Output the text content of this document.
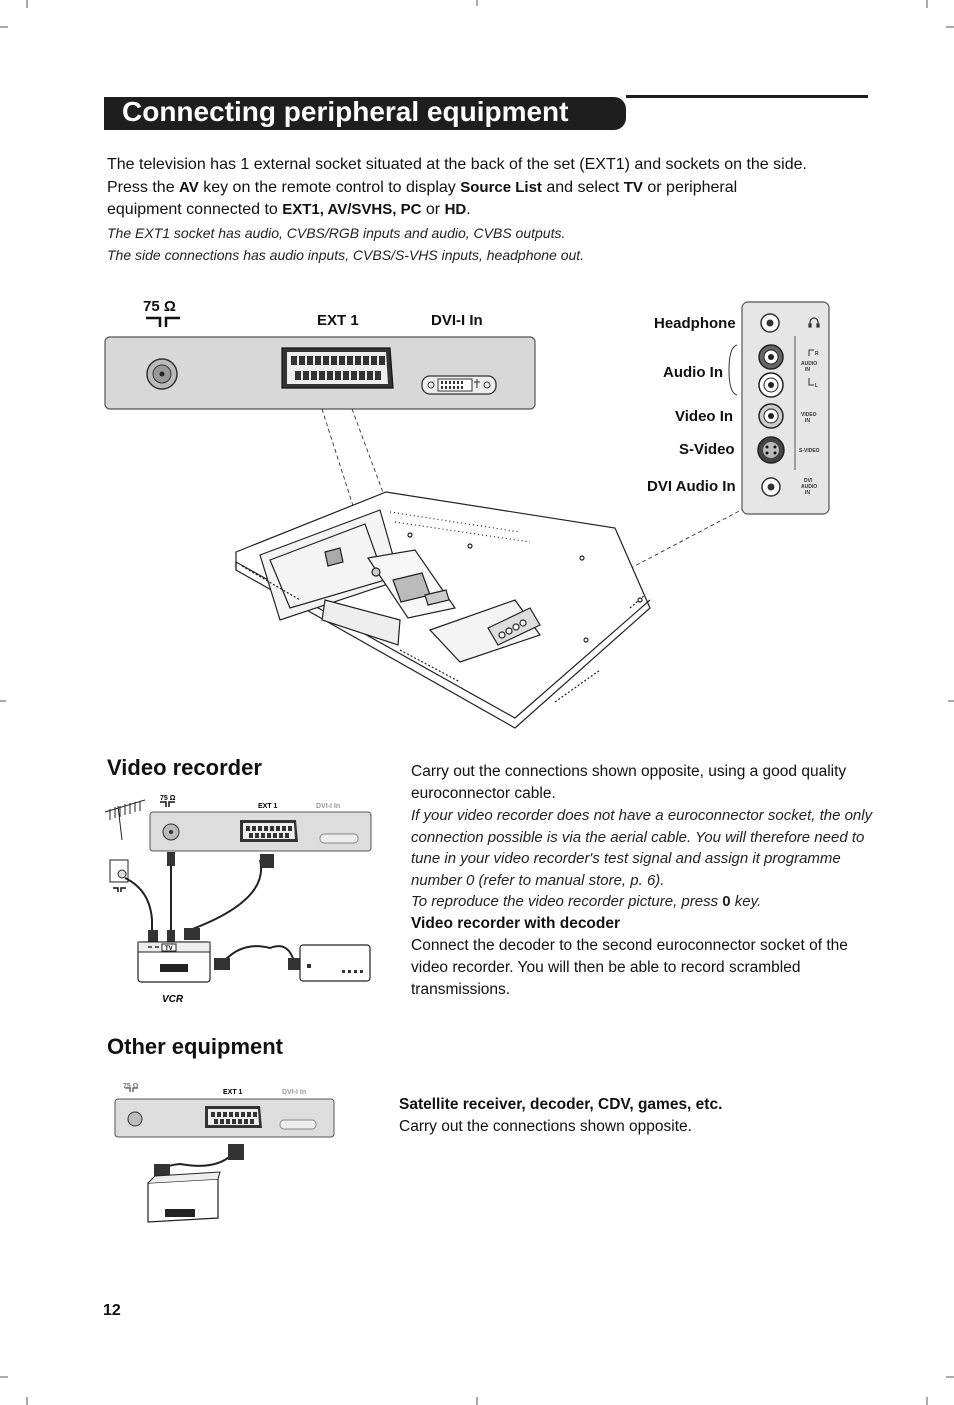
Connecting peripheral equipment
The television has 1 external socket situated at the back of the set (EXT1) and sockets on the side.
Press the AV key on the remote control to display Source List and select TV or peripheral
equipment connected to EXT1, AV/SVHS, PC or HD.
The EXT1 socket has audio, CVBS/RGB inputs and audio, CVBS outputs.
The side connections has audio inputs, CVBS/S-VHS inputs, headphone out.
R
AUDIO
IN
L
VIDEO
IN
S-VIDEO
DVI
AUDIO
IN
75 Ω
EXT 1	DVI-I In	Headphone
Audio In
Video In
S-Video
DVI Audio In
Video recorder
75 Ω
EXT 1	DVI-I In
TV
VCR
Carry out the connections shown opposite, using a good quality euroconnector cable.
If your video recorder does not have a euroconnector socket, the only connection possible is via the aerial cable. You will therefore need to tune in your video recorder's test signal and assign it programme number 0 (refer to manual store, p. 6).
To reproduce the video recorder picture, press 0 key.
Video recorder with decoder
Connect the decoder to the second euroconnector socket of the video recorder. You will then be able to record scrambled transmissions.
Other equipment
75 Ω
EXT 1	DVI-I In
Satellite receiver, decoder, CDV, games, etc.
Carry out the connections shown opposite.
12
